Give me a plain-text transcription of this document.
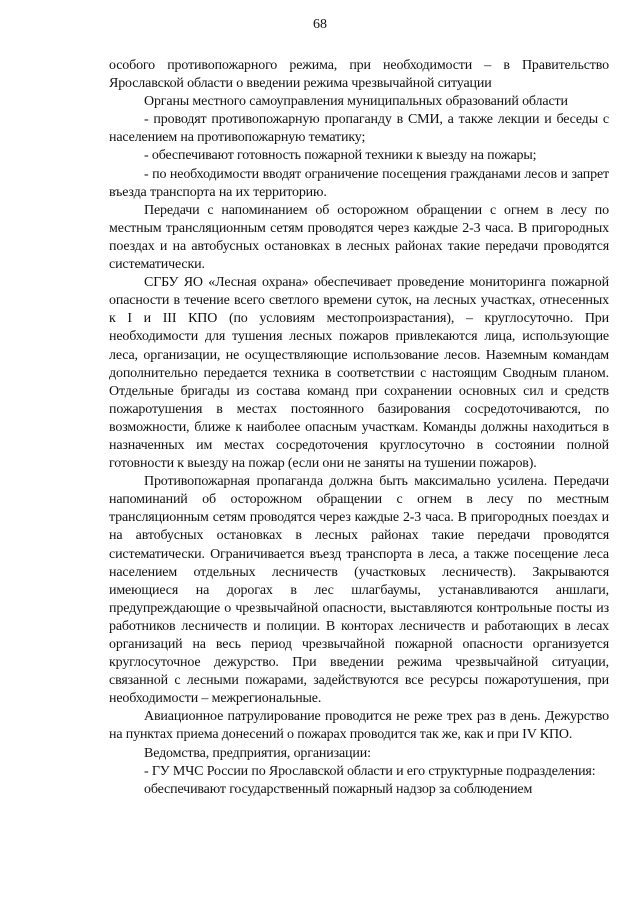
68

особого противопожарного режима, при необходимости – в Правительство Ярославской области о введении режима чрезвычайной ситуации

Органы местного самоуправления муниципальных образований области

- проводят противопожарную пропаганду в СМИ, а также лекции и беседы с населением на противопожарную тематику;

- обеспечивают готовность пожарной техники к выезду на пожары;

- по необходимости вводят ограничение посещения гражданами лесов и запрет въезда транспорта на их территорию.

Передачи с напоминанием об осторожном обращении с огнем в лесу по местным трансляционным сетям проводятся через каждые 2-3 часа. В пригородных поездах и на автобусных остановках в лесных районах такие передачи проводятся систематически.

СГБУ ЯО «Лесная охрана» обеспечивает проведение мониторинга пожарной опасности в течение всего светлого времени суток, на лесных участках, отнесенных к I и III КПО (по условиям местопроизрастания), – круглосуточно. При необходимости для тушения лесных пожаров привлекаются лица, использующие леса, организации, не осуществляющие использование лесов. Наземным командам дополнительно передается техника в соответствии с настоящим Сводным планом. Отдельные бригады из состава команд при сохранении основных сил и средств пожаротушения в местах постоянного базирования сосредоточиваются, по возможности, ближе к наиболее опасным участкам. Команды должны находиться в назначенных им местах сосредоточения круглосуточно в состоянии полной готовности к выезду на пожар (если они не заняты на тушении пожаров).

Противопожарная пропаганда должна быть максимально усилена. Передачи напоминаний об осторожном обращении с огнем в лесу по местным трансляционным сетям проводятся через каждые 2-3 часа. В пригородных поездах и на автобусных остановках в лесных районах такие передачи проводятся систематически. Ограничивается въезд транспорта в леса, а также посещение леса населением отдельных лесничеств (участковых лесничеств). Закрываются имеющиеся на дорогах в лес шлагбаумы, устанавливаются аншлаги, предупреждающие о чрезвычайной опасности, выставляются контрольные посты из работников лесничеств и полиции. В конторах лесничеств и работающих в лесах организаций на весь период чрезвычайной пожарной опасности организуется круглосуточное дежурство. При введении режима чрезвычайной ситуации, связанной с лесными пожарами, задействуются все ресурсы пожаротушения, при необходимости – межрегиональные.

Авиационное патрулирование проводится не реже трех раз в день. Дежурство на пунктах приема донесений о пожарах проводится так же, как и при IV КПО.

Ведомства, предприятия, организации:

- ГУ МЧС России по Ярославской области и его структурные подразделения:

обеспечивают государственный пожарный надзор за соблюдением
